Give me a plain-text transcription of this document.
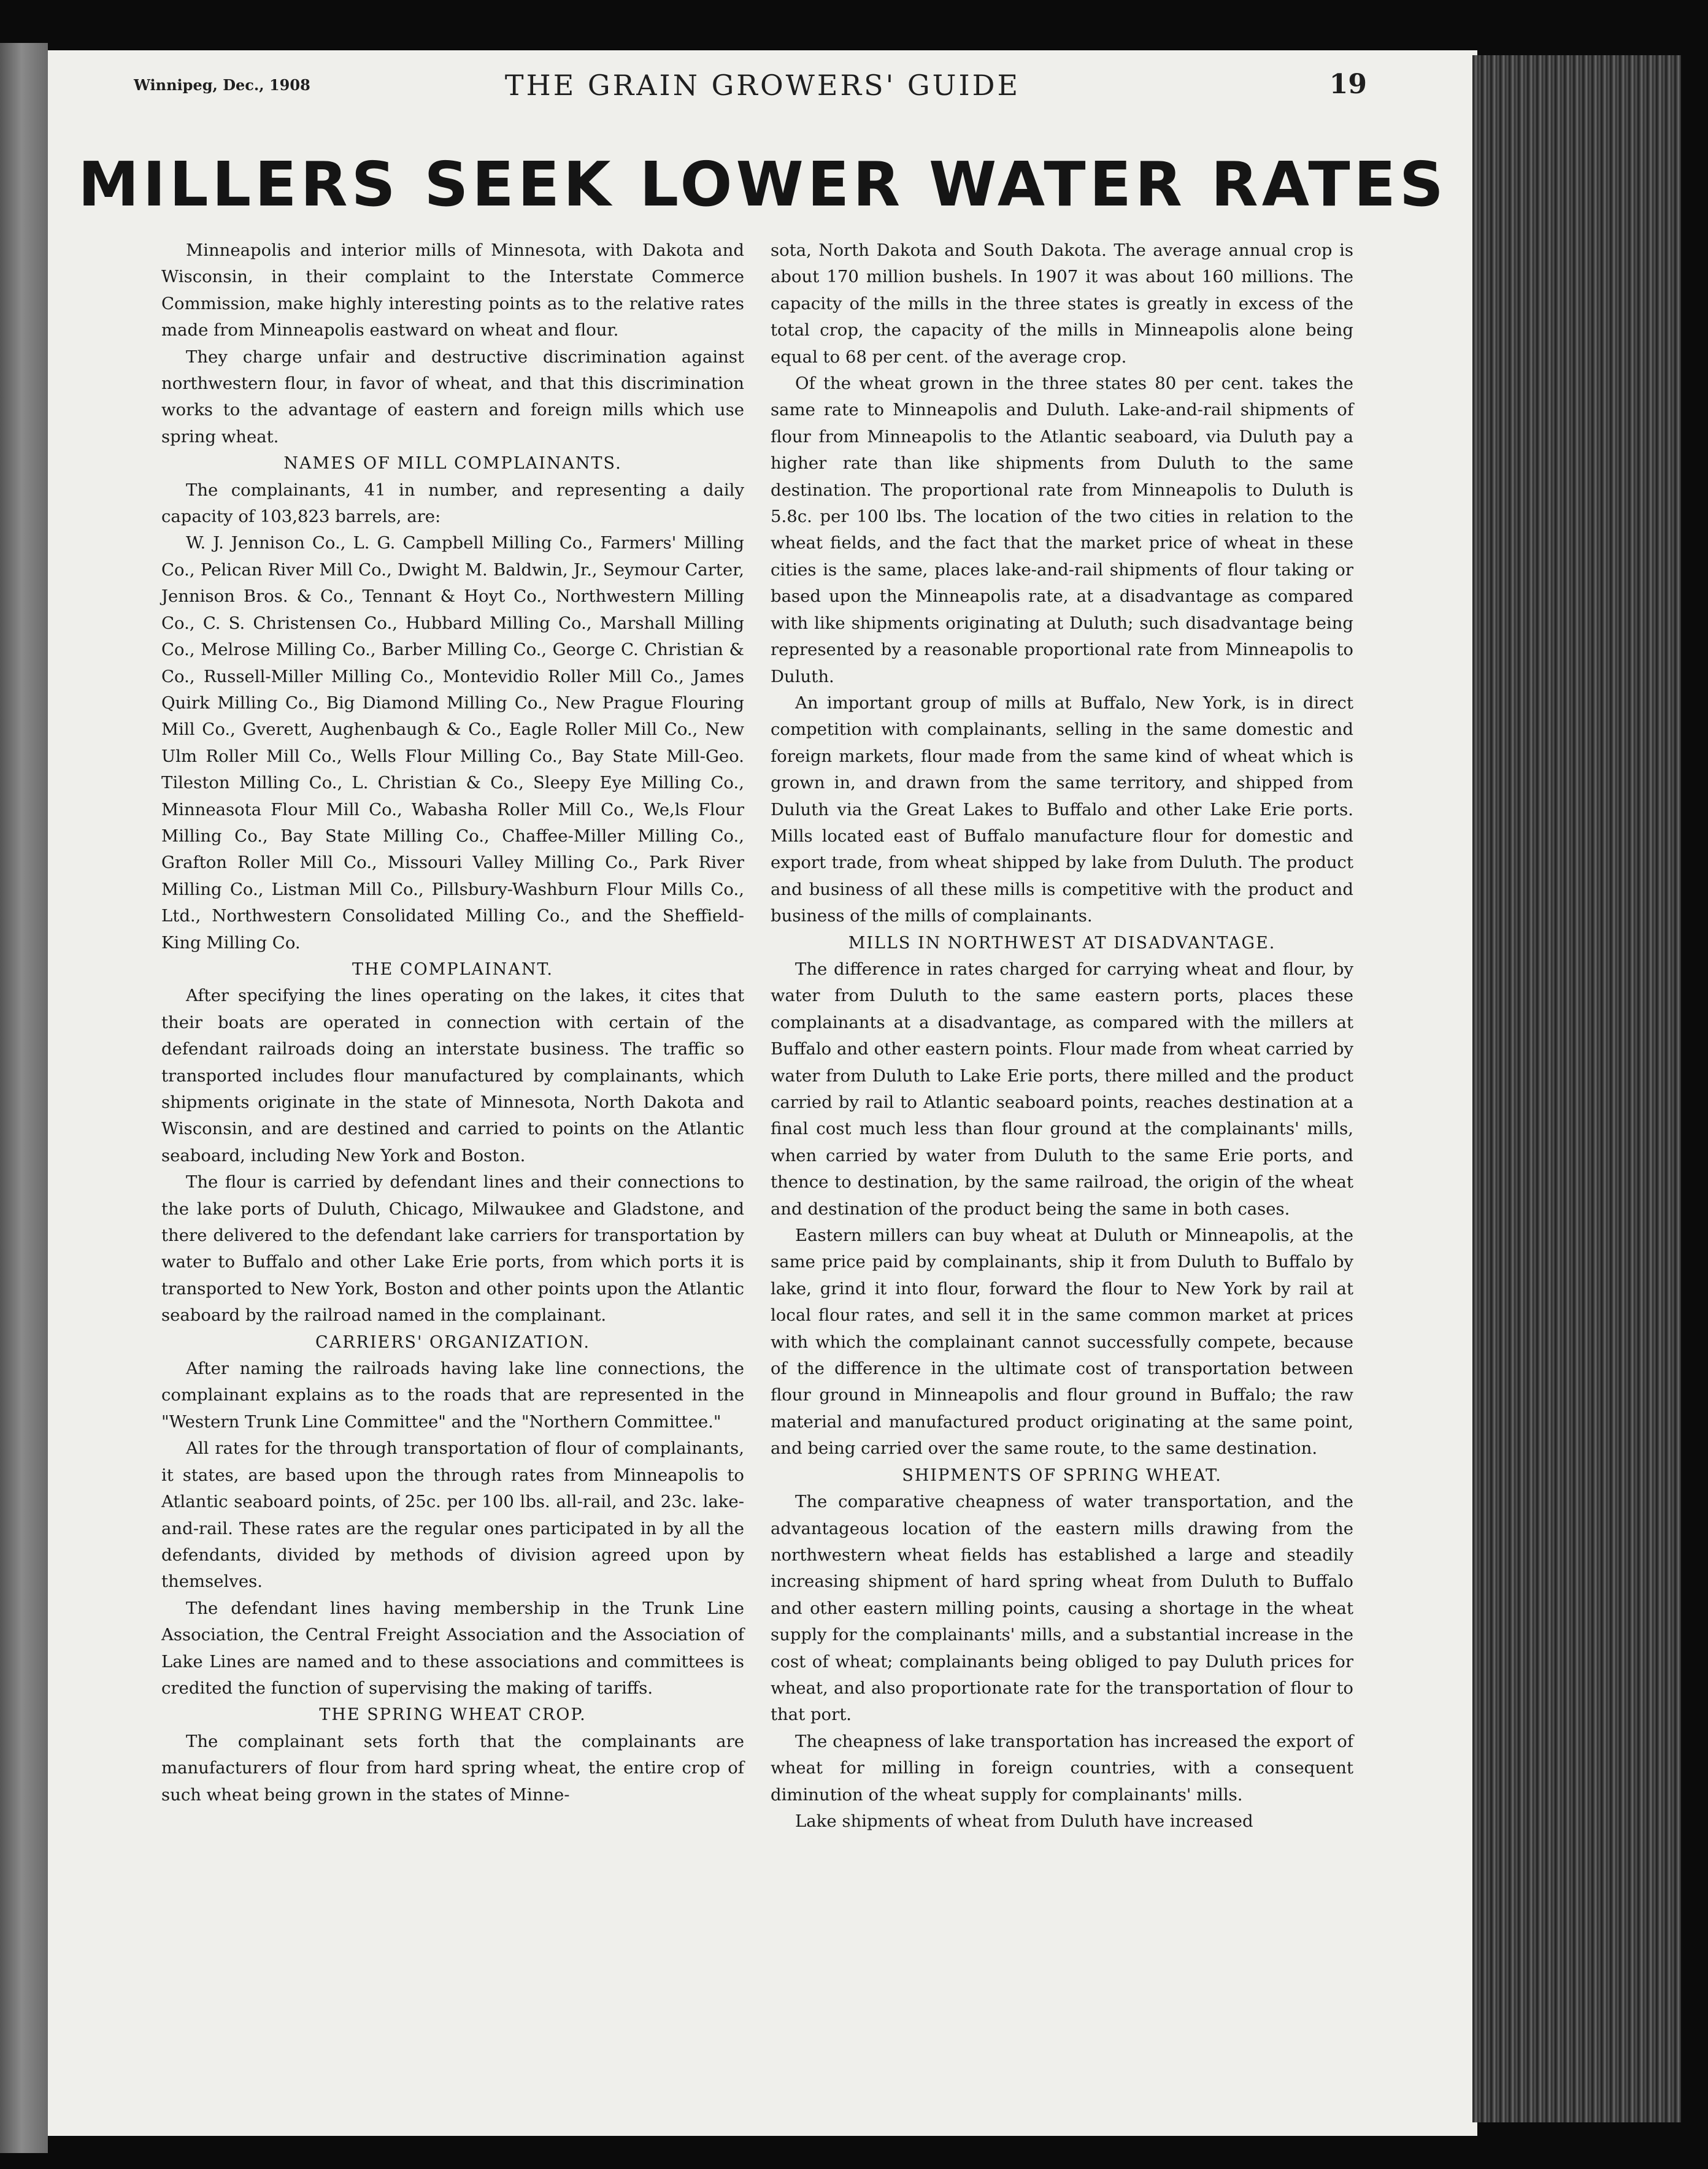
Winnipeg, Dec., 1908	THE GRAIN GROWERS' GUIDE	19
MILLERS SEEK LOWER WATER RATES

Minneapolis and interior mills of Minnesota, with Dakota and Wisconsin, in their complaint to the Interstate Commerce Commission, make highly interesting points as to the relative rates made from Minneapolis eastward on wheat and flour.

They charge unfair and destructive discrimination against northwestern flour, in favor of wheat, and that this discrimination works to the advantage of eastern and foreign mills which use spring wheat.

NAMES OF MILL COMPLAINANTS.

The complainants, 41 in number, and representing a daily capacity of 103,823 barrels, are:

W. J. Jennison Co., L. G. Campbell Milling Co., Farmers' Milling Co., Pelican River Mill Co., Dwight M. Baldwin, Jr., Seymour Carter, Jennison Bros. & Co., Tennant & Hoyt Co., Northwestern Milling Co., C. S. Christensen Co., Hubbard Milling Co., Marshall Milling Co., Melrose Milling Co., Barber Milling Co., George C. Christian & Co., Russell-Miller Milling Co., Montevidio Roller Mill Co., James Quirk Milling Co., Big Diamond Milling Co., New Prague Flouring Mill Co., Gverett, Aughenbaugh & Co., Eagle Roller Mill Co., New Ulm Roller Mill Co., Wells Flour Milling Co., Bay State Mill-Geo. Tileston Milling Co., L. Christian & Co., Sleepy Eye Milling Co., Minneasota Flour Mill Co., Wabasha Roller Mill Co., We,ls Flour Milling Co., Bay State Milling Co., Chaffee-Miller Milling Co., Grafton Roller Mill Co., Missouri Valley Milling Co., Park River Milling Co., Listman Mill Co., Pillsbury-Washburn Flour Mills Co., Ltd., Northwestern Consolidated Milling Co., and the Sheffield-King Milling Co.

THE COMPLAINANT.

After specifying the lines operating on the lakes, it cites that their boats are operated in connection with certain of the defendant railroads doing an interstate business. The traffic so transported includes flour manufactured by complainants, which shipments originate in the state of Minnesota, North Dakota and Wisconsin, and are destined and carried to points on the Atlantic seaboard, including New York and Boston.

The flour is carried by defendant lines and their connections to the lake ports of Duluth, Chicago, Milwaukee and Gladstone, and there delivered to the defendant lake carriers for transportation by water to Buffalo and other Lake Erie ports, from which ports it is transported to New York, Boston and other points upon the Atlantic seaboard by the railroad named in the complainant.

CARRIERS' ORGANIZATION.

After naming the railroads having lake line connections, the complainant explains as to the roads that are represented in the "Western Trunk Line Committee" and the "Northern Committee."

All rates for the through transportation of flour of complainants, it states, are based upon the through rates from Minneapolis to Atlantic seaboard points, of 25c. per 100 lbs. all-rail, and 23c. lake-and-rail. These rates are the regular ones participated in by all the defendants, divided by methods of division agreed upon by themselves.

The defendant lines having membership in the Trunk Line Association, the Central Freight Association and the Association of Lake Lines are named and to these associations and committees is credited the function of supervising the making of tariffs.

THE SPRING WHEAT CROP.

The complainant sets forth that the complainants are manufacturers of flour from hard spring wheat, the entire crop of such wheat being grown in the states of Minne-

sota, North Dakota and South Dakota. The average annual crop is about 170 million bushels. In 1907 it was about 160 millions. The capacity of the mills in the three states is greatly in excess of the total crop, the capacity of the mills in Minneapolis alone being equal to 68 per cent. of the average crop.

Of the wheat grown in the three states 80 per cent. takes the same rate to Minneapolis and Duluth. Lake-and-rail shipments of flour from Minneapolis to the Atlantic seaboard, via Duluth pay a higher rate than like shipments from Duluth to the same destination. The proportional rate from Minneapolis to Duluth is 5.8c. per 100 lbs. The location of the two cities in relation to the wheat fields, and the fact that the market price of wheat in these cities is the same, places lake-and-rail shipments of flour taking or based upon the Minneapolis rate, at a disadvantage as compared with like shipments originating at Duluth; such disadvantage being represented by a reasonable proportional rate from Minneapolis to Duluth.

An important group of mills at Buffalo, New York, is in direct competition with complainants, selling in the same domestic and foreign markets, flour made from the same kind of wheat which is grown in, and drawn from the same territory, and shipped from Duluth via the Great Lakes to Buffalo and other Lake Erie ports. Mills located east of Buffalo manufacture flour for domestic and export trade, from wheat shipped by lake from Duluth. The product and business of all these mills is competitive with the product and business of the mills of complainants.

MILLS IN NORTHWEST AT DISADVANTAGE.

The difference in rates charged for carrying wheat and flour, by water from Duluth to the same eastern ports, places these complainants at a disadvantage, as compared with the millers at Buffalo and other eastern points. Flour made from wheat carried by water from Duluth to Lake Erie ports, there milled and the product carried by rail to Atlantic seaboard points, reaches destination at a final cost much less than flour ground at the complainants' mills, when carried by water from Duluth to the same Erie ports, and thence to destination, by the same railroad, the origin of the wheat and destination of the product being the same in both cases.

Eastern millers can buy wheat at Duluth or Minneapolis, at the same price paid by complainants, ship it from Duluth to Buffalo by lake, grind it into flour, forward the flour to New York by rail at local flour rates, and sell it in the same common market at prices with which the complainant cannot successfully compete, because of the difference in the ultimate cost of transportation between flour ground in Minneapolis and flour ground in Buffalo; the raw material and manufactured product originating at the same point, and being carried over the same route, to the same destination.

SHIPMENTS OF SPRING WHEAT.

The comparative cheapness of water transportation, and the advantageous location of the eastern mills drawing from the northwestern wheat fields has established a large and steadily increasing shipment of hard spring wheat from Duluth to Buffalo and other eastern milling points, causing a shortage in the wheat supply for the complainants' mills, and a substantial increase in the cost of wheat; complainants being obliged to pay Duluth prices for wheat, and also proportionate rate for the transportation of flour to that port.

The cheapness of lake transportation has increased the export of wheat for milling in foreign countries, with a consequent diminution of the wheat supply for complainants' mills.

Lake shipments of wheat from Duluth have increased
